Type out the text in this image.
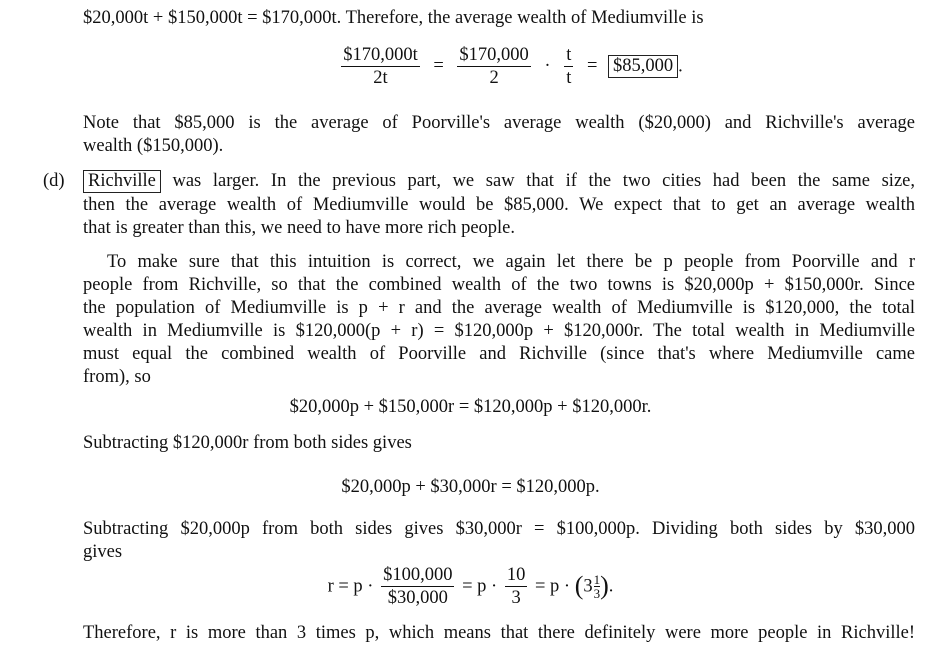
$20,000t + $150,000t = $170,000t. Therefore, the average wealth of Mediumville is
$\frac{\$170,000t}{2t} = \frac{\$170,000}{2} \cdot \frac{t}{t}$ = $85,000 .
Note that $85,000 is the average of Poorville's average wealth ($20,000) and Richville's average
wealth ($150,000).
(d) Richville was larger. In the previous part, we saw that if the two cities had been the same size,
then the average wealth of Mediumville would be $85,000. We expect that to get an average wealth
that is greater than this, we need to have more rich people.
To make sure that this intuition is correct, we again let there be p people from Poorville and r
people from Richville, so that the combined wealth of the two towns is $20,000p + $150,000r. Since
the population of Mediumville is p + r and the average wealth of Mediumville is $120,000, the total
wealth in Mediumville is $120,000(p + r) = $120,000p + $120,000r. The total wealth in Mediumville
must equal the combined wealth of Poorville and Richville (since that's where Mediumville came
from), so
$20,000p + $150,000r = $120,000p + $120,000r.
Subtracting $120,000r from both sides gives
$20,000p + $30,000r = $120,000p.
Subtracting $20,000p from both sides gives $30,000r = $100,000p. Dividing both sides by $30,000
gives
$r = p \cdot \frac{\$100,000}{\$30,000} = p \cdot \frac{10}{3} = p \cdot (3 \frac{1}{3}$ ).
Therefore, r is more than 3 times p, which means that there definitely were more people in Richville!
